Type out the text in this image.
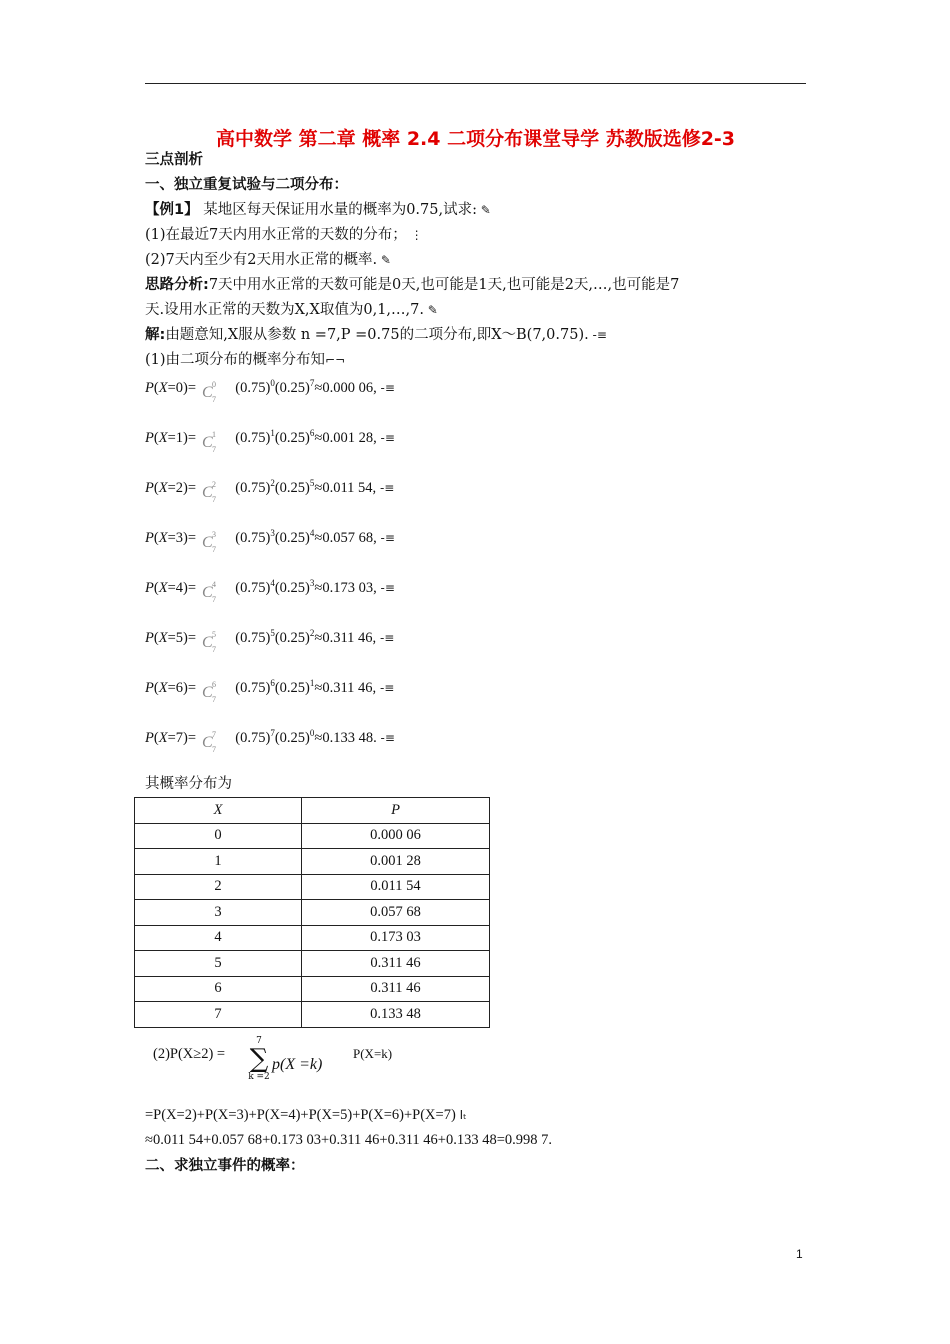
高中数学 第二章 概率 2.4 二项分布课堂导学 苏教版选修2-3
三点剖析
一、独立重复试验与二项分布：
【例1】 某地区每天保证用水量的概率为0.75,试求: ✎
(1)在最近7天内用水正常的天数的分布； ⋮
(2)7天内至少有2天用水正常的概率. ✎
思路分析:7天中用水正常的天数可能是0天,也可能是1天,也可能是2天,…,也可能是7
天.设用水正常的天数为X,X取值为0,1,…,7. ✎
解:由题意知,X服从参数 n =7,P =0.75的二项分布,即X～B(7,0.75). -≡
(1)由二项分布的概率分布知⌐¬
P(X=0)= C 0
7
$(0.75)^0(0.25)^7\approx 0.000$ 06, -≡
P(X=1)= C 1
7
$(0.75)^1(0.25)^6\approx 0.001$ 28, -≡
P(X=2)= C 2
7
$(0.75)^2(0.25)^5\approx 0.011$ 54, -≡
P(X=3)= C 3
7
$(0.75)^3(0.25)^4\approx 0.057$ 68, -≡
P(X=4)= C 4
7
$(0.75)^4(0.25)^3\approx 0.173$ 03, -≡
P(X=5)= C 5
7
$(0.75)^5(0.25)^2\approx 0.311$ 46, -≡
P(X=6)= C 6
7
$(0.75)^6(0.25)^1\approx 0.311$ 46, -≡
P(X=7)= C 7
7
$(0.75)^7(0.25)^0\approx 0.133$ 48. -≡
其概率分布为
X	P
0	0.000 06
1	0.001 28
2	0.011 54
3	0.057 68
4	0.173 03
5	0.311 46
6	0.311 46
7	0.133 48
(2)P(X≥2) =
7
∑
k =2
p(X =k)
P(X=k)
=P(X=2)+P(X=3)+P(X=4)+P(X=5)+P(X=6)+P(X=7) Iₜ
≈0.011 54+0.057 68+0.173 03+0.311 46+0.311 46+0.133 48=0.998 7.
二、求独立事件的概率：
1
